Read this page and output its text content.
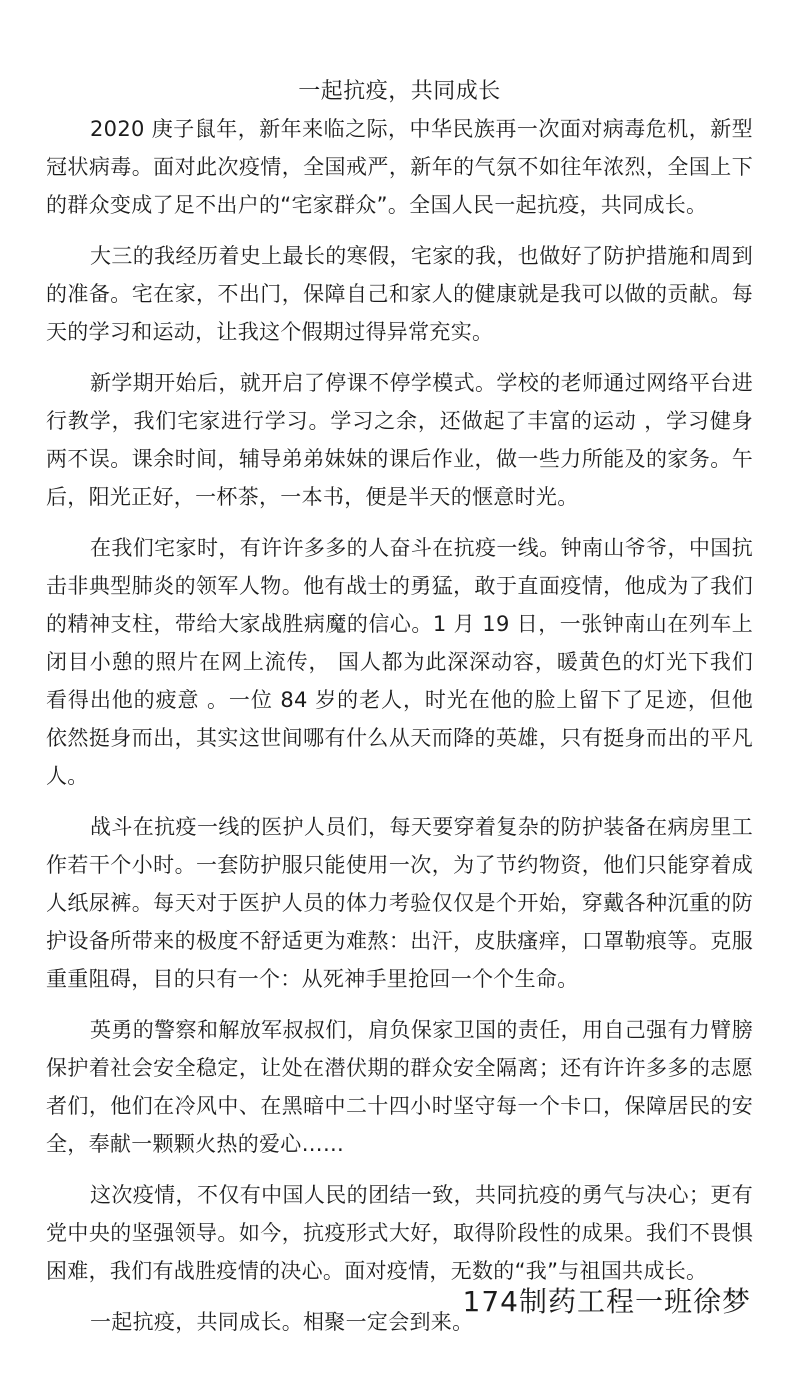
一起抗疫，共同成长

2020 庚子鼠年，新年来临之际，中华民族再一次面对病毒危机，新型冠状病毒。面对此次疫情，全国戒严，新年的气氛不如往年浓烈，全国上下的群众变成了足不出户的“宅家群众”。全国人民一起抗疫，共同成长。

大三的我经历着史上最长的寒假，宅家的我，也做好了防护措施和周到的准备。宅在家，不出门，保障自己和家人的健康就是我可以做的贡献。每天的学习和运动，让我这个假期过得异常充实。

新学期开始后，就开启了停课不停学模式。学校的老师通过网络平台进行教学，我们宅家进行学习。学习之余，还做起了丰富的运动 ，学习健身两不误。课余时间，辅导弟弟妹妹的课后作业，做一些力所能及的家务。午后，阳光正好，一杯茶，一本书，便是半天的惬意时光。

在我们宅家时，有许许多多的人奋斗在抗疫一线。钟南山爷爷，中国抗击非典型肺炎的领军人物。他有战士的勇猛，敢于直面疫情，他成为了我们的精神支柱，带给大家战胜病魔的信心。1 月 19 日，一张钟南山在列车上闭目小憩的照片在网上流传， 国人都为此深深动容，暖黄色的灯光下我们看得出他的疲意 。一位 84 岁的老人，时光在他的脸上留下了足迹，但他依然挺身而出，其实这世间哪有什么从天而降的英雄，只有挺身而出的平凡人。

战斗在抗疫一线的医护人员们，每天要穿着复杂的防护装备在病房里工作若干个小时。一套防护服只能使用一次，为了节约物资，他们只能穿着成人纸尿裤。每天对于医护人员的体力考验仅仅是个开始，穿戴各种沉重的防护设备所带来的极度不舒适更为难熬：出汗，皮肤瘙痒，口罩勒痕等。克服重重阻碍，目的只有一个：从死神手里抢回一个个生命。

英勇的警察和解放军叔叔们，肩负保家卫国的责任，用自己强有力臂膀保护着社会安全稳定，让处在潜伏期的群众安全隔离；还有许许多多的志愿者们，他们在冷风中、在黑暗中二十四小时坚守每一个卡口，保障居民的安全，奉献一颗颗火热的爱心……

这次疫情，不仅有中国人民的团结一致，共同抗疫的勇气与决心；更有党中央的坚强领导。如今，抗疫形式大好，取得阶段性的成果。我们不畏惧困难，我们有战胜疫情的决心。面对疫情，无数的“我”与祖国共成长。

一起抗疫，共同成长。相聚一定会到来。

174制药工程一班徐梦
